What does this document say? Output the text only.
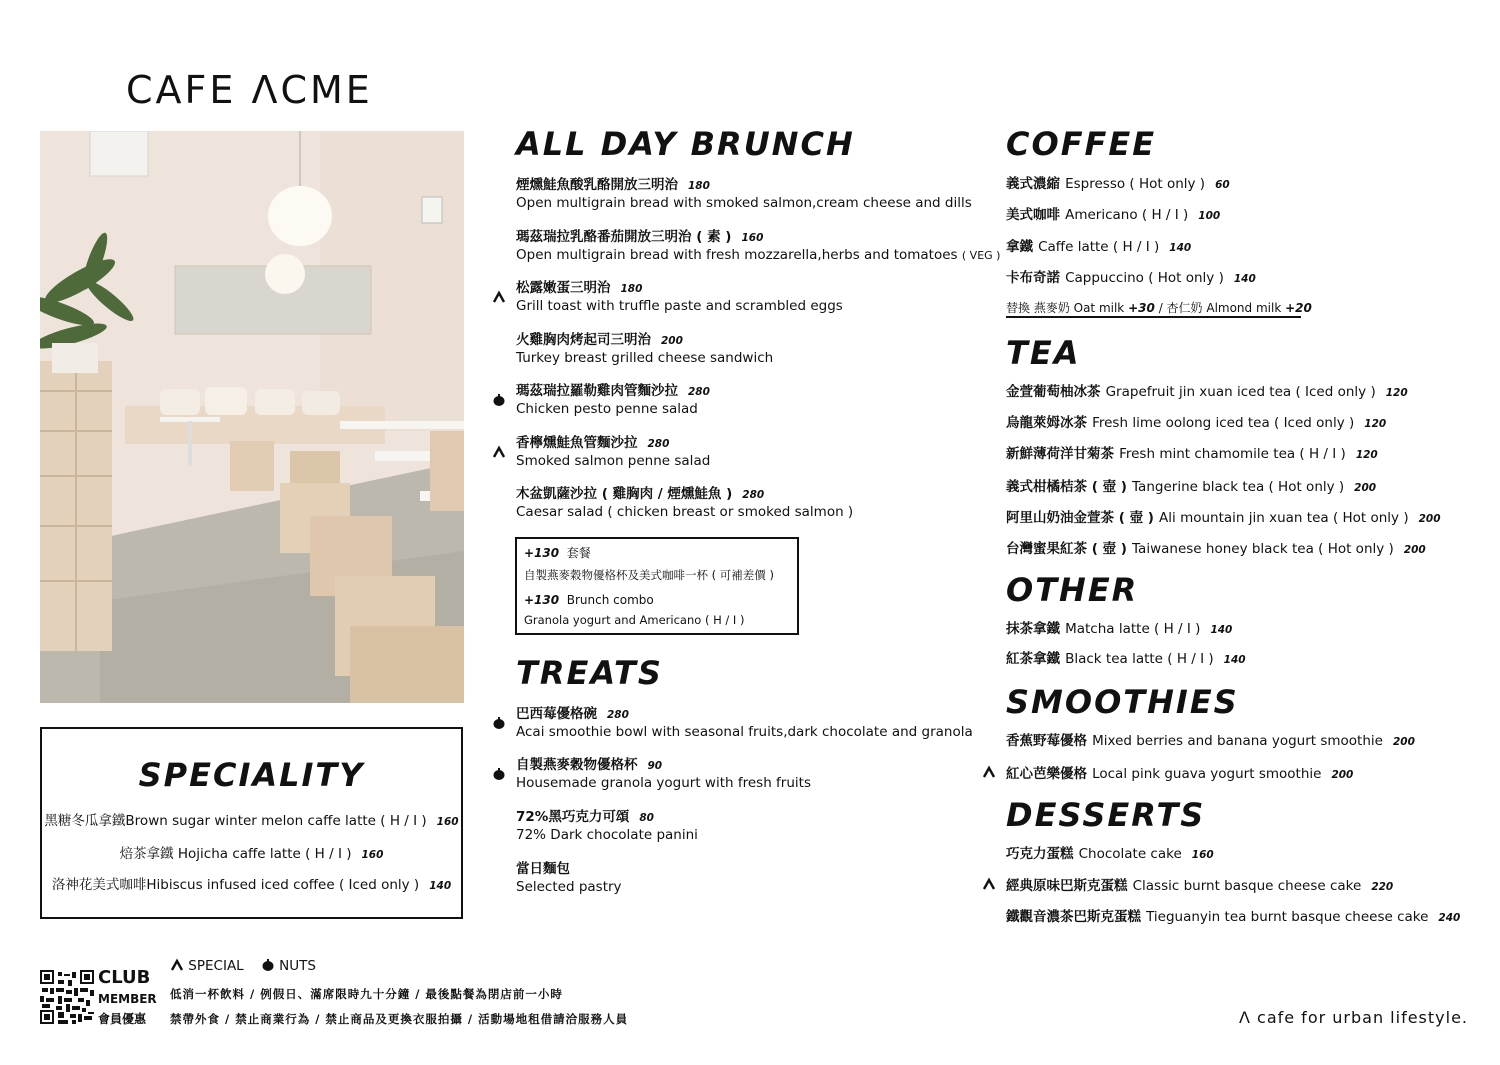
CAFE ΛCME
SPECIALITY
黑糖冬瓜拿鐵Brown sugar winter melon caffe latte ( H / I ) 160
焙茶拿鐵 Hojicha caffe latte ( H / I ) 160
洛神花美式咖啡Hibiscus infused iced coffee ( Iced only ) 140
ALL DAY BRUNCH
煙燻鮭魚酸乳酪開放三明治 180
Open multigrain bread with smoked salmon,cream cheese and dills
瑪茲瑞拉乳酪番茄開放三明治 ( 素 ) 160
Open multigrain bread with fresh mozzarella,herbs and tomatoes ( VEG )
松露嫩蛋三明治 180
Grill toast with truffle paste and scrambled eggs
火雞胸肉烤起司三明治 200
Turkey breast grilled cheese sandwich
瑪茲瑞拉羅勒雞肉管麵沙拉 280
Chicken pesto penne salad
香檸燻鮭魚管麵沙拉 280
Smoked salmon penne salad
木盆凱薩沙拉 ( 雞胸肉 / 煙燻鮭魚 ) 280
Caesar salad ( chicken breast or smoked salmon )
+130 套餐
自製燕麥穀物優格杯及美式咖啡一杯 ( 可補差價 )
+130 Brunch combo
Granola yogurt and Americano ( H / I )
TREATS
巴西莓優格碗 280
Acai smoothie bowl with seasonal fruits,dark chocolate and granola
自製燕麥穀物優格杯 90
Housemade granola yogurt with fresh fruits
72%黑巧克力可頌 80
72% Dark chocolate panini
當日麵包
Selected pastry
COFFEE
義式濃縮 Espresso ( Hot only ) 60
美式咖啡 Americano ( H / I ) 100
拿鐵 Caffe latte ( H / I ) 140
卡布奇諾 Cappuccino ( Hot only ) 140
替換 燕麥奶 Oat milk +30 / 杏仁奶 Almond milk +20
TEA
金萱葡萄柚冰茶 Grapefruit jin xuan iced tea ( Iced only ) 120
烏龍萊姆冰茶 Fresh lime oolong iced tea ( Iced only ) 120
新鮮薄荷洋甘菊茶 Fresh mint chamomile tea ( H / I ) 120
義式柑橘桔茶 ( 壺 ) Tangerine black tea ( Hot only ) 200
阿里山奶油金萱茶 ( 壺 ) Ali mountain jin xuan tea ( Hot only ) 200
台灣蜜果紅茶 ( 壺 ) Taiwanese honey black tea ( Hot only ) 200
OTHER
抹茶拿鐵 Matcha latte ( H / I ) 140
紅茶拿鐵 Black tea latte ( H / I ) 140
SMOOTHIES
香蕉野莓優格 Mixed berries and banana yogurt smoothie 200
紅心芭樂優格 Local pink guava yogurt smoothie 200
DESSERTS
巧克力蛋糕 Chocolate cake 160
經典原味巴斯克蛋糕 Classic burnt basque cheese cake 220
鐵觀音濃茶巴斯克蛋糕 Tieguanyin tea burnt basque cheese cake 240
CLUB
MEMBER
會員優惠
SPECIAL	NUTS
低消一杯飲料 / 例假日、滿席限時九十分鐘 / 最後點餐為閉店前一小時
禁帶外食 / 禁止商業行為 / 禁止商品及更換衣服拍攝 / 活動場地租借請洽服務人員	Λ cafe for urban lifestyle.
